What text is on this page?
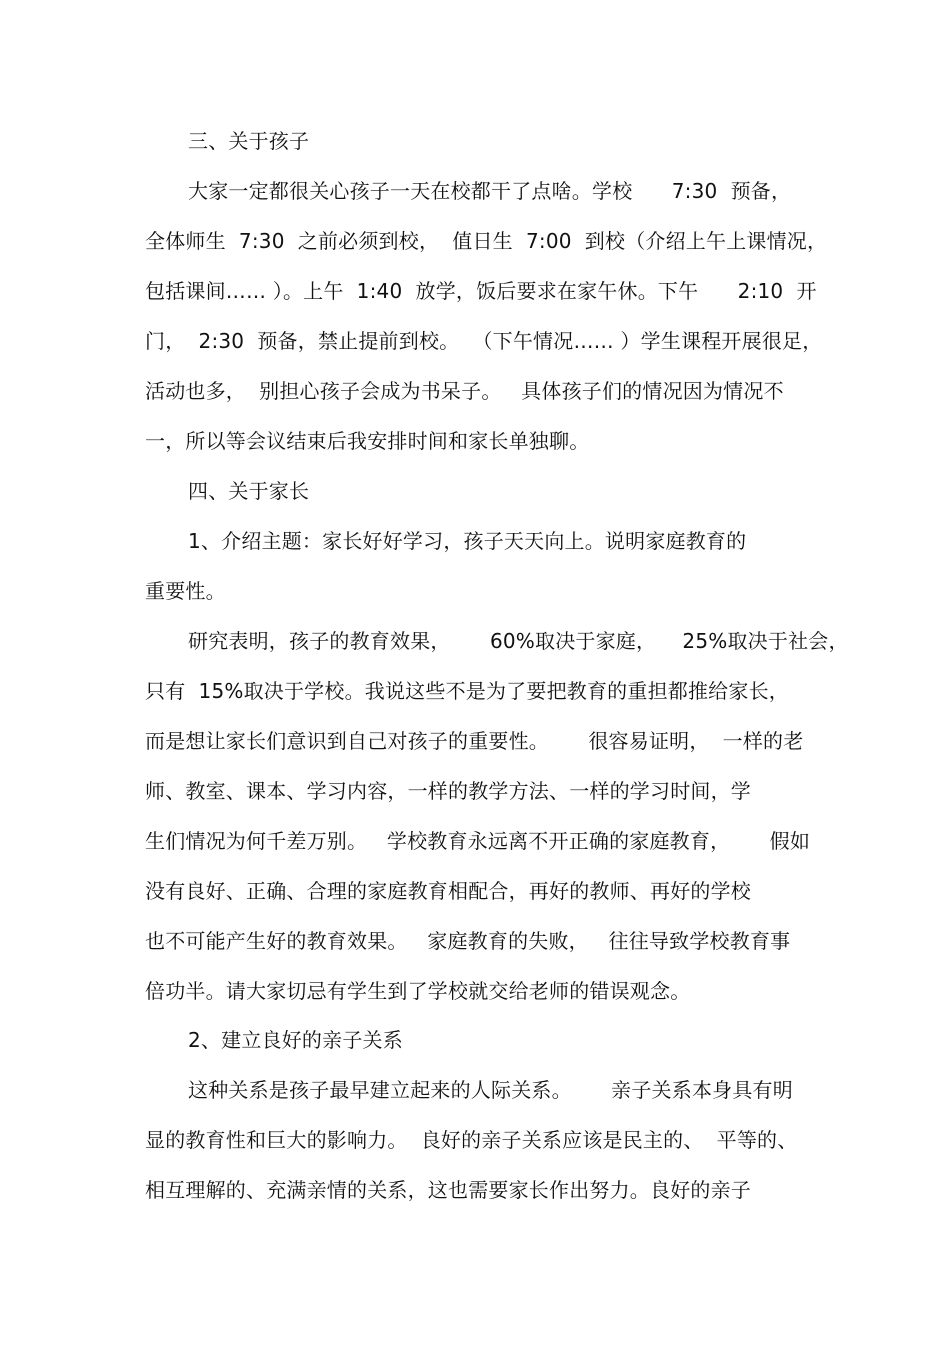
三、关于孩子
大家一定都很关心孩子一天在校都干了点啥。学校      7:30  预备，
全体师生  7:30  之前必须到校，  值日生  7:00  到校（介绍上午上课情况，
包括课间…… ）。上午  1:40  放学，饭后要求在家午休。下午      2:10  开
门，  2:30  预备，禁止提前到校。  （下午情况…… ）学生课程开展很足，
活动也多，  别担心孩子会成为书呆子。   具体孩子们的情况因为情况不
一，所以等会议结束后我安排时间和家长单独聊。
四、关于家长
1、介绍主题：家长好好学习，孩子天天向上。说明家庭教育的
重要性。
研究表明，孩子的教育效果，      60%取决于家庭，    25%取决于社会，
只有  15%取决于学校。我说这些不是为了要把教育的重担都推给家长，
而是想让家长们意识到自己对孩子的重要性。      很容易证明，  一样的老
师、教室、课本、学习内容，一样的教学方法、一样的学习时间，学
生们情况为何千差万别。   学校教育永远离不开正确的家庭教育，      假如
没有良好、正确、合理的家庭教育相配合，再好的教师、再好的学校
也不可能产生好的教育效果。   家庭教育的失败，   往往导致学校教育事
倍功半。请大家切忌有学生到了学校就交给老师的错误观念。
2、建立良好的亲子关系
这种关系是孩子最早建立起来的人际关系。      亲子关系本身具有明
显的教育性和巨大的影响力。  良好的亲子关系应该是民主的、  平等的、
相互理解的、充满亲情的关系，这也需要家长作出努力。良好的亲子
